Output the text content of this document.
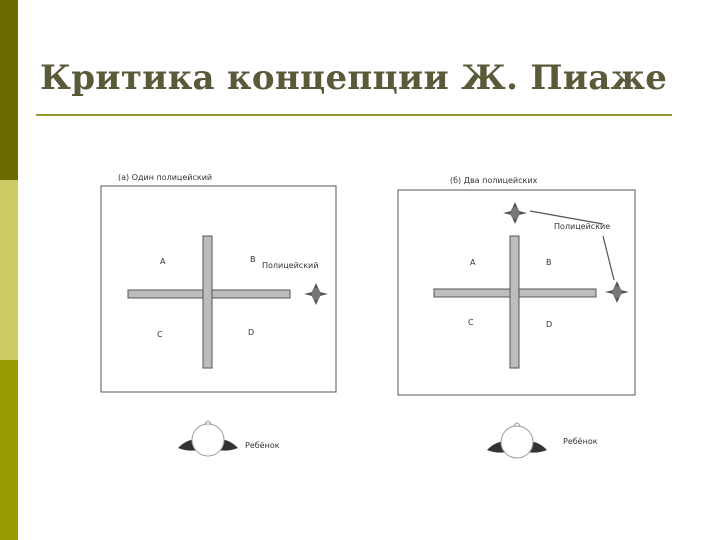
Критика концепции Ж. Пиаже
(а) Один полицейский	(б) Два полицейских
A	B
C	D
Полицейский
Ребёнок
A	B
C	D
Полицейские
Ребёнок
